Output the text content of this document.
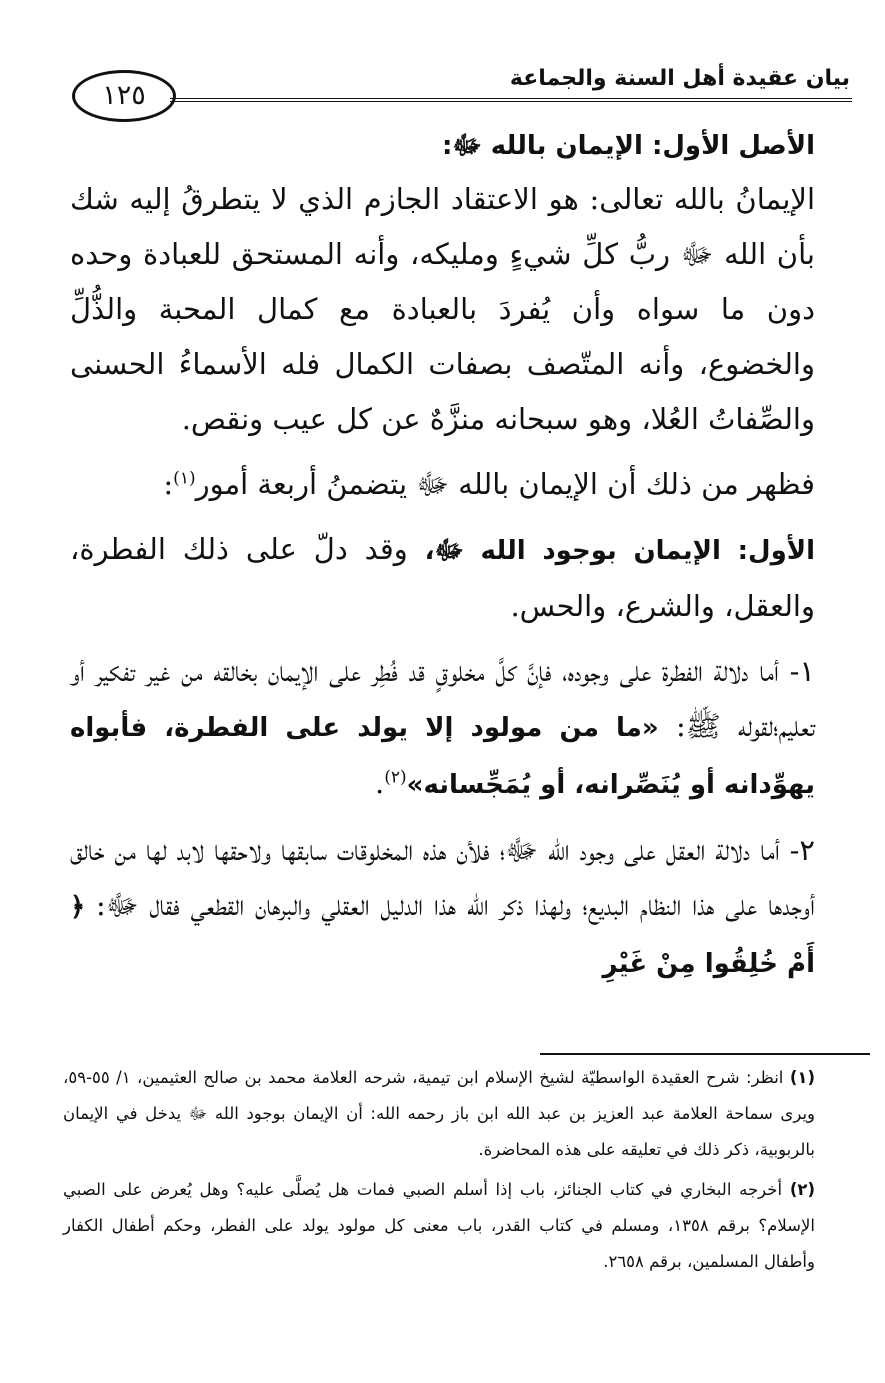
بيان عقيدة أهل السنة والجماعة
١٢٥

الأصل الأول: الإيمان بالله ﷻ:

الإيمانُ بالله تعالى: هو الاعتقاد الجازم الذي لا يتطرقُ إليه شك بأن الله ﷻ ربُّ كلِّ شيءٍ ومليكه، وأنه المستحق للعبادة وحده دون ما سواه وأن يُفردَ بالعبادة مع كمال المحبة والذُّلِّ والخضوع، وأنه المتّصف بصفات الكمال فله الأسماءُ الحسنى والصِّفاتُ العُلا، وهو سبحانه منزَّهٌ عن كل عيب ونقص.

فظهر من ذلك أن الإيمان بالله ﷻ يتضمنُ أربعة أمور$^{(١)}$:

الأول: الإيمان بوجود الله ﷻ، وقد دلّ على ذلك الفطرة، والعقل، والشرع، والحس.

١- أما دلالة الفطرة على وجوده، فإنَّ كلَّ مخلوقٍ قد فُطِر على الإيمان بخالقه من غير تفكير أو تعليم؛لقوله ﷺ: «ما من مولود إلا يولد على الفطرة، فأبواه يهوِّدانه أو يُنَصِّرانه، أو يُمَجِّسانه»$^{(٢)}$.

٢- أما دلالة العقل على وجود الله ﷻ؛ فلأن هذه المخلوقات سابقها ولاحقها لابد لها من خالق أوجدها على هذا النظام البديع؛ ولهذا ذكر الله هذا الدليل العقلي والبرهان القطعي فقال ﷻ: ﴿ أَمْ خُلِقُوا مِنْ غَيْرِ

(١) انظر: شرح العقيدة الواسطيّة لشيخ الإسلام ابن تيمية، شرحه العلامة محمد بن صالح العثيمين، ١/ ٥٥-٥٩، ويرى سماحة العلامة عبد العزيز بن عبد الله ابن باز رحمه الله: أن الإيمان بوجود الله ﷻ يدخل في الإيمان بالربوبية، ذكر ذلك في تعليقه على هذه المحاضرة.

(٢) أخرجه البخاري في كتاب الجنائز، باب إذا أسلم الصبي فمات هل يُصلَّى عليه؟ وهل يُعرض على الصبي الإسلام؟ برقم ١٣٥٨، ومسلم في كتاب القدر، باب معنى كل مولود يولد على الفطر، وحكم أطفال الكفار وأطفال المسلمين، برقم ٢٦٥٨.
